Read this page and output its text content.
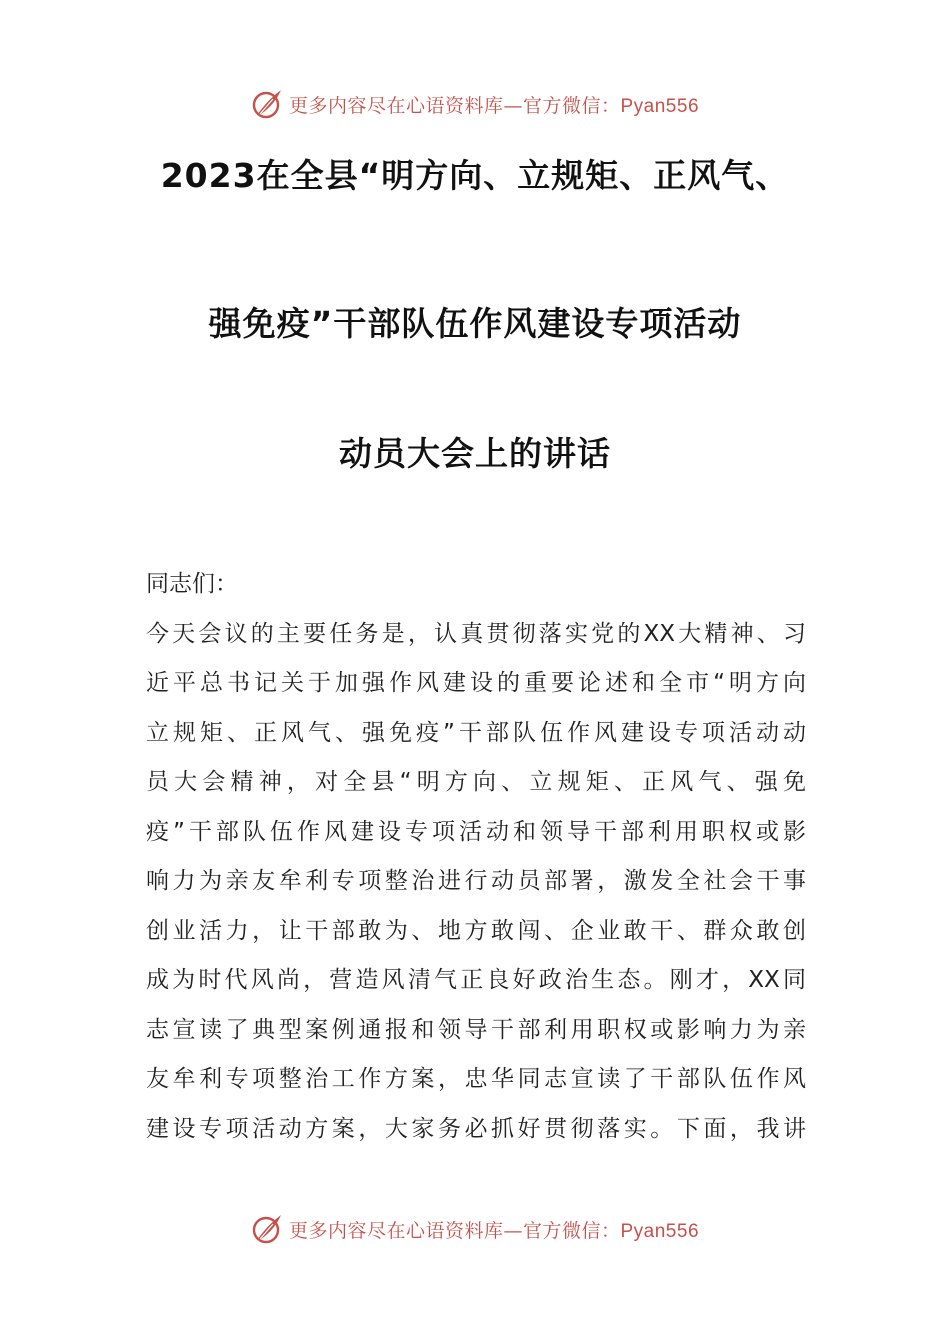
更多内容尽在心语资料库—官方微信：Pyan556
2023在全县“明方向、立规矩、正风气、
强免疫”干部队伍作风建设专项活动
动员大会上的讲话
同志们：
今天会议的主要任务是，认真贯彻落实党的XX大精神、习
近平总书记关于加强作风建设的重要论述和全市“明方向
立规矩、正风气、强免疫”干部队伍作风建设专项活动动
员大会精神，对全县“明方向、立规矩、正风气、强免
疫”干部队伍作风建设专项活动和领导干部利用职权或影
响力为亲友牟利专项整治进行动员部署，激发全社会干事
创业活力，让干部敢为、地方敢闯、企业敢干、群众敢创
成为时代风尚，营造风清气正良好政治生态。刚才，XX同
志宣读了典型案例通报和领导干部利用职权或影响力为亲
友牟利专项整治工作方案，忠华同志宣读了干部队伍作风
建设专项活动方案，大家务必抓好贯彻落实。下面，我讲
更多内容尽在心语资料库—官方微信：Pyan556
